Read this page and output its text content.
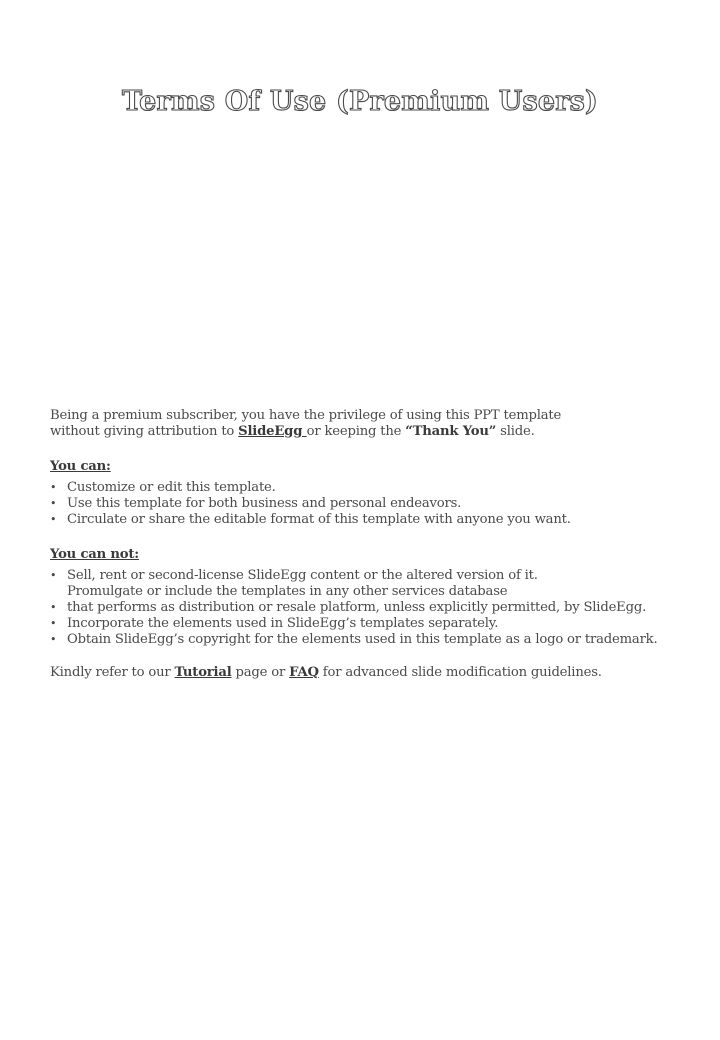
Terms Of Use (Premium Users)

Being a premium subscriber, you have the privilege of using this PPT template
without giving attribution to SlideEgg or keeping the “Thank You” slide.

You can:

• Customize or edit this template.
• Use this template for both business and personal endeavors.
• Circulate or share the editable format of this template with anyone you want.

You can not:

• Sell, rent or second-license SlideEgg content or the altered version of it.
Promulgate or include the templates in any other services database
• that performs as distribution or resale platform, unless explicitly permitted, by SlideEgg.
• Incorporate the elements used in SlideEgg’s templates separately.
• Obtain SlideEgg’s copyright for the elements used in this template as a logo or trademark.

Kindly refer to our Tutorial page or FAQ for advanced slide modification guidelines.
